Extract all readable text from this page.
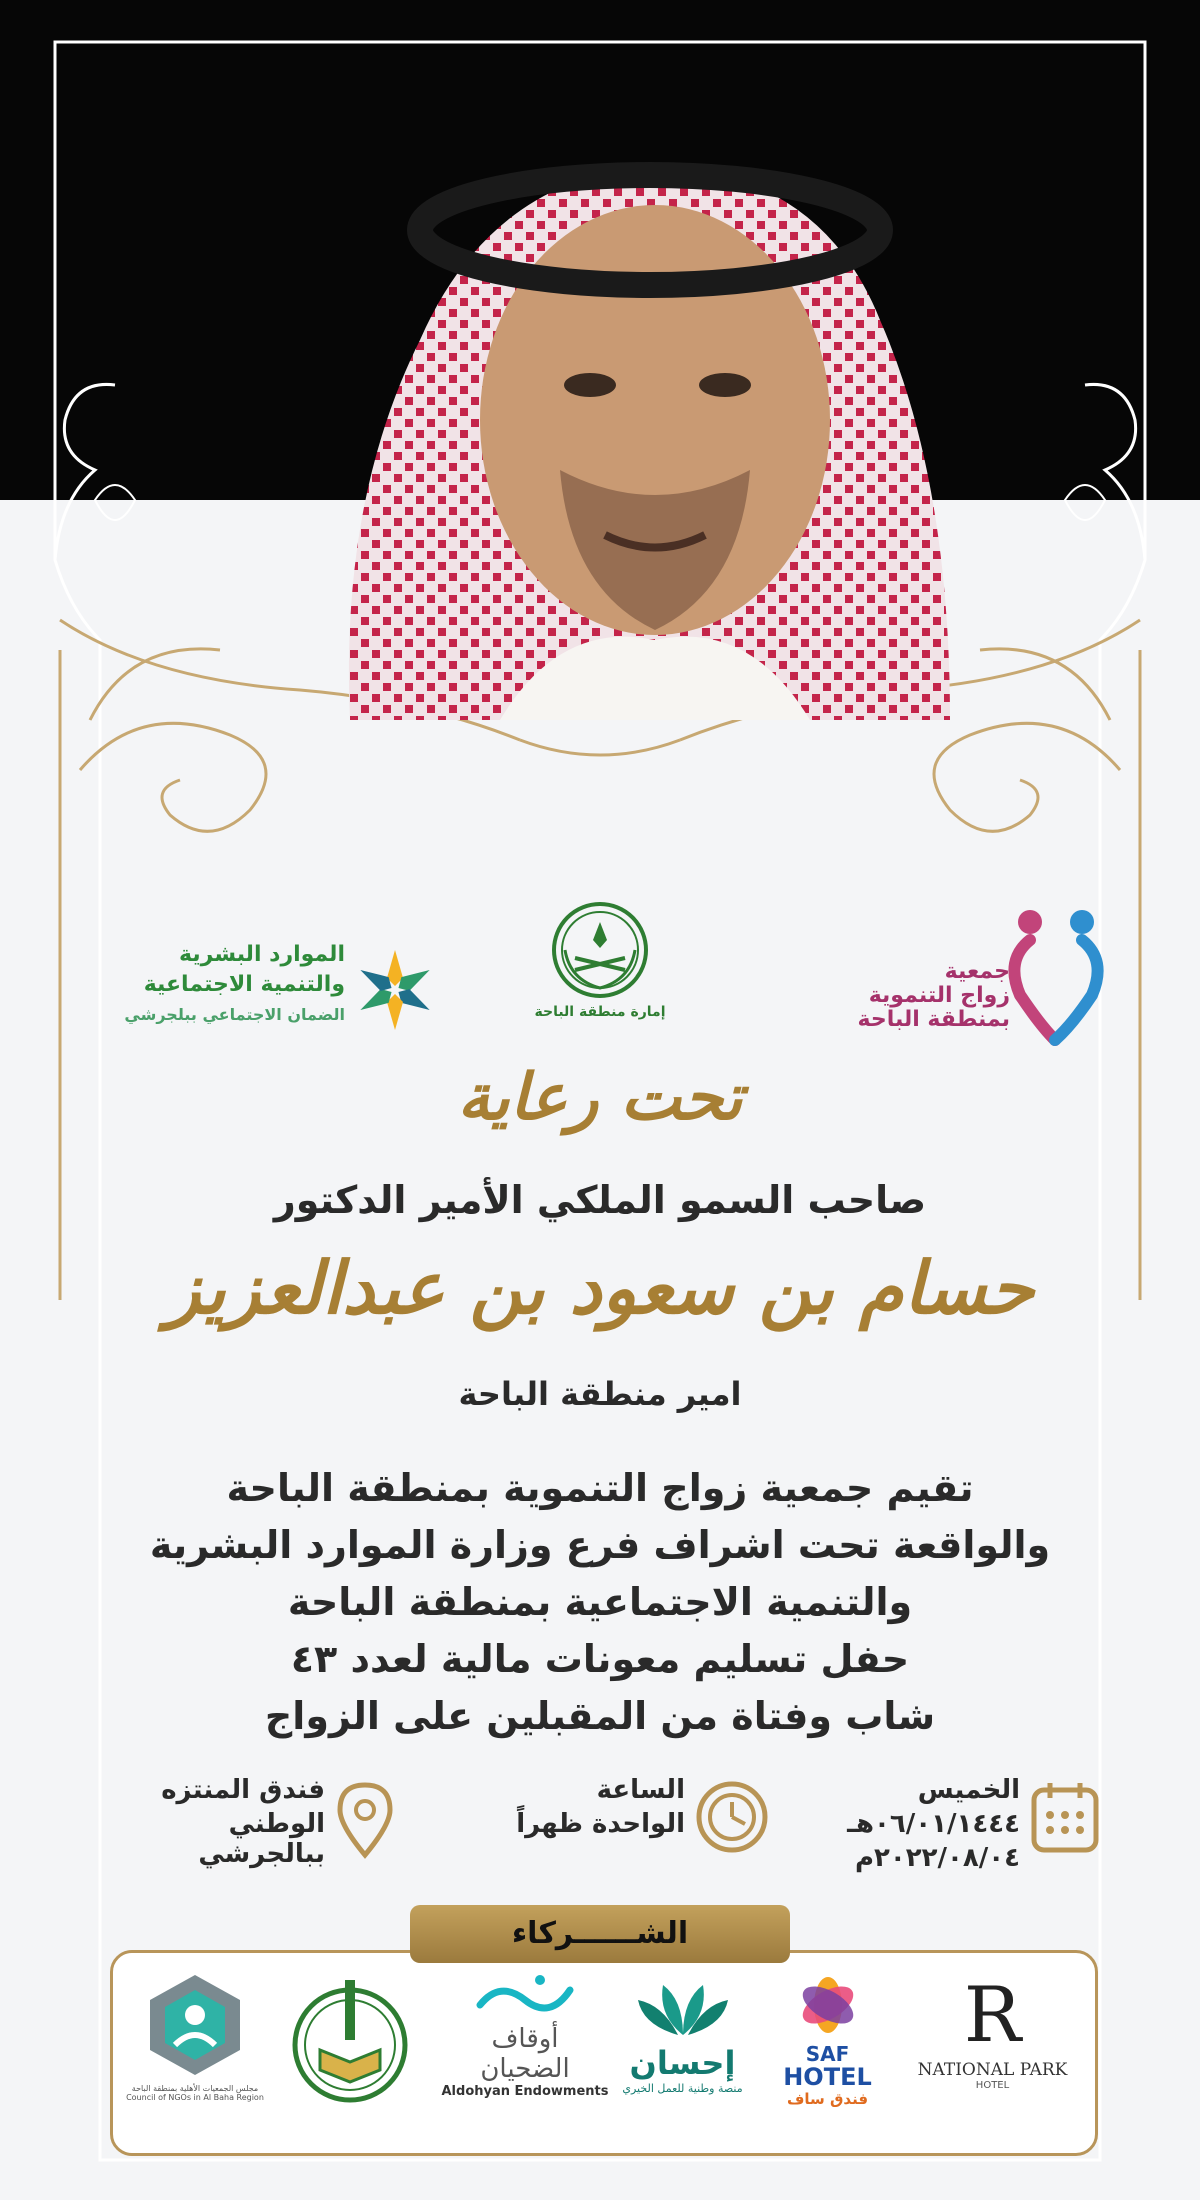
الموارد البشرية
والتنمية الاجتماعية
الضمان الاجتماعي ببلجرشي	إمارة منطقة الباحة
جمعية
زواج التنموية
بمنطقة الباحة
تحت رعاية
صاحب السمو الملكي الأمير الدكتور
حسام بن سعود بن عبدالعزيز
امير منطقة الباحة
تقيم جمعية زواج التنموية بمنطقة الباحة
والواقعة تحت اشراف فرع وزارة الموارد البشرية
والتنمية الاجتماعية بمنطقة الباحة
حفل تسليم معونات مالية لعدد ٤٣
شاب وفتاة من المقبلين على الزواج
الخميس
٠٦/٠١/١٤٤٤هـ
٢٠٢٢/٠٨/٠٤م
الساعة
الواحدة ظهراً
فندق المنتزه
الوطني ببالجرشي
الشــــــركاء
R
NATIONAL PARK
HOTEL
SAF
HOTEL
فندق ساف
إحسان
منصة وطنية للعمل الخيري
أوقاف
الضحيان
Aldohyan Endowments
مجلس الجمعيات الأهلية بمنطقة الباحة
Council of NGOs in Al Baha Region
